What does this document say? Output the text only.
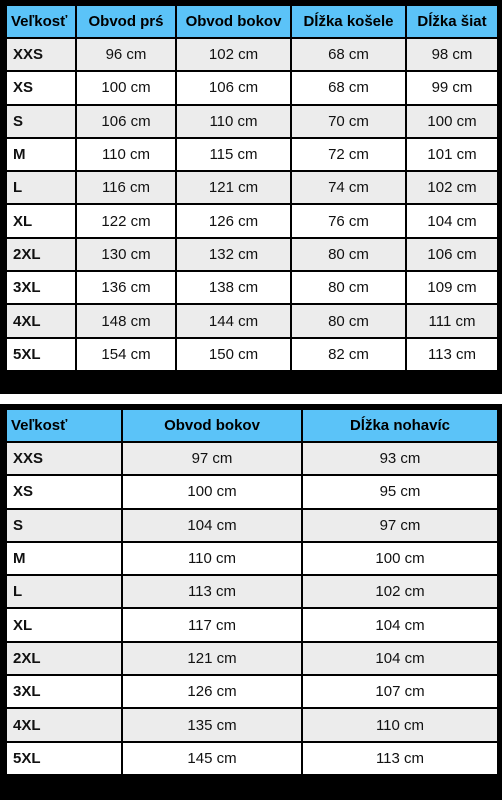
Veľkosť	Obvod prś	Obvod bokov	Dĺžka košele	Dĺžka šiat
XXS	96 cm	102 cm	68 cm	98 cm
XS	100 cm	106 cm	68 cm	99 cm
S	106 cm	110 cm	70 cm	100 cm
M	110 cm	115 cm	72 cm	101 cm
L	116 cm	121 cm	74 cm	102 cm
XL	122 cm	126 cm	76 cm	104 cm
2XL	130 cm	132 cm	80 cm	106 cm
3XL	136 cm	138 cm	80 cm	109 cm
4XL	148 cm	144 cm	80 cm	111 cm
5XL	154 cm	150 cm	82 cm	113 cm
Veľkosť	Obvod bokov	Dĺžka nohavíc
XXS	97 cm	93 cm
XS	100 cm	95 cm
S	104 cm	97 cm
M	110 cm	100 cm
L	113 cm	102 cm
XL	117 cm	104 cm
2XL	121 cm	104 cm
3XL	126 cm	107 cm
4XL	135 cm	110 cm
5XL	145 cm	113 cm
